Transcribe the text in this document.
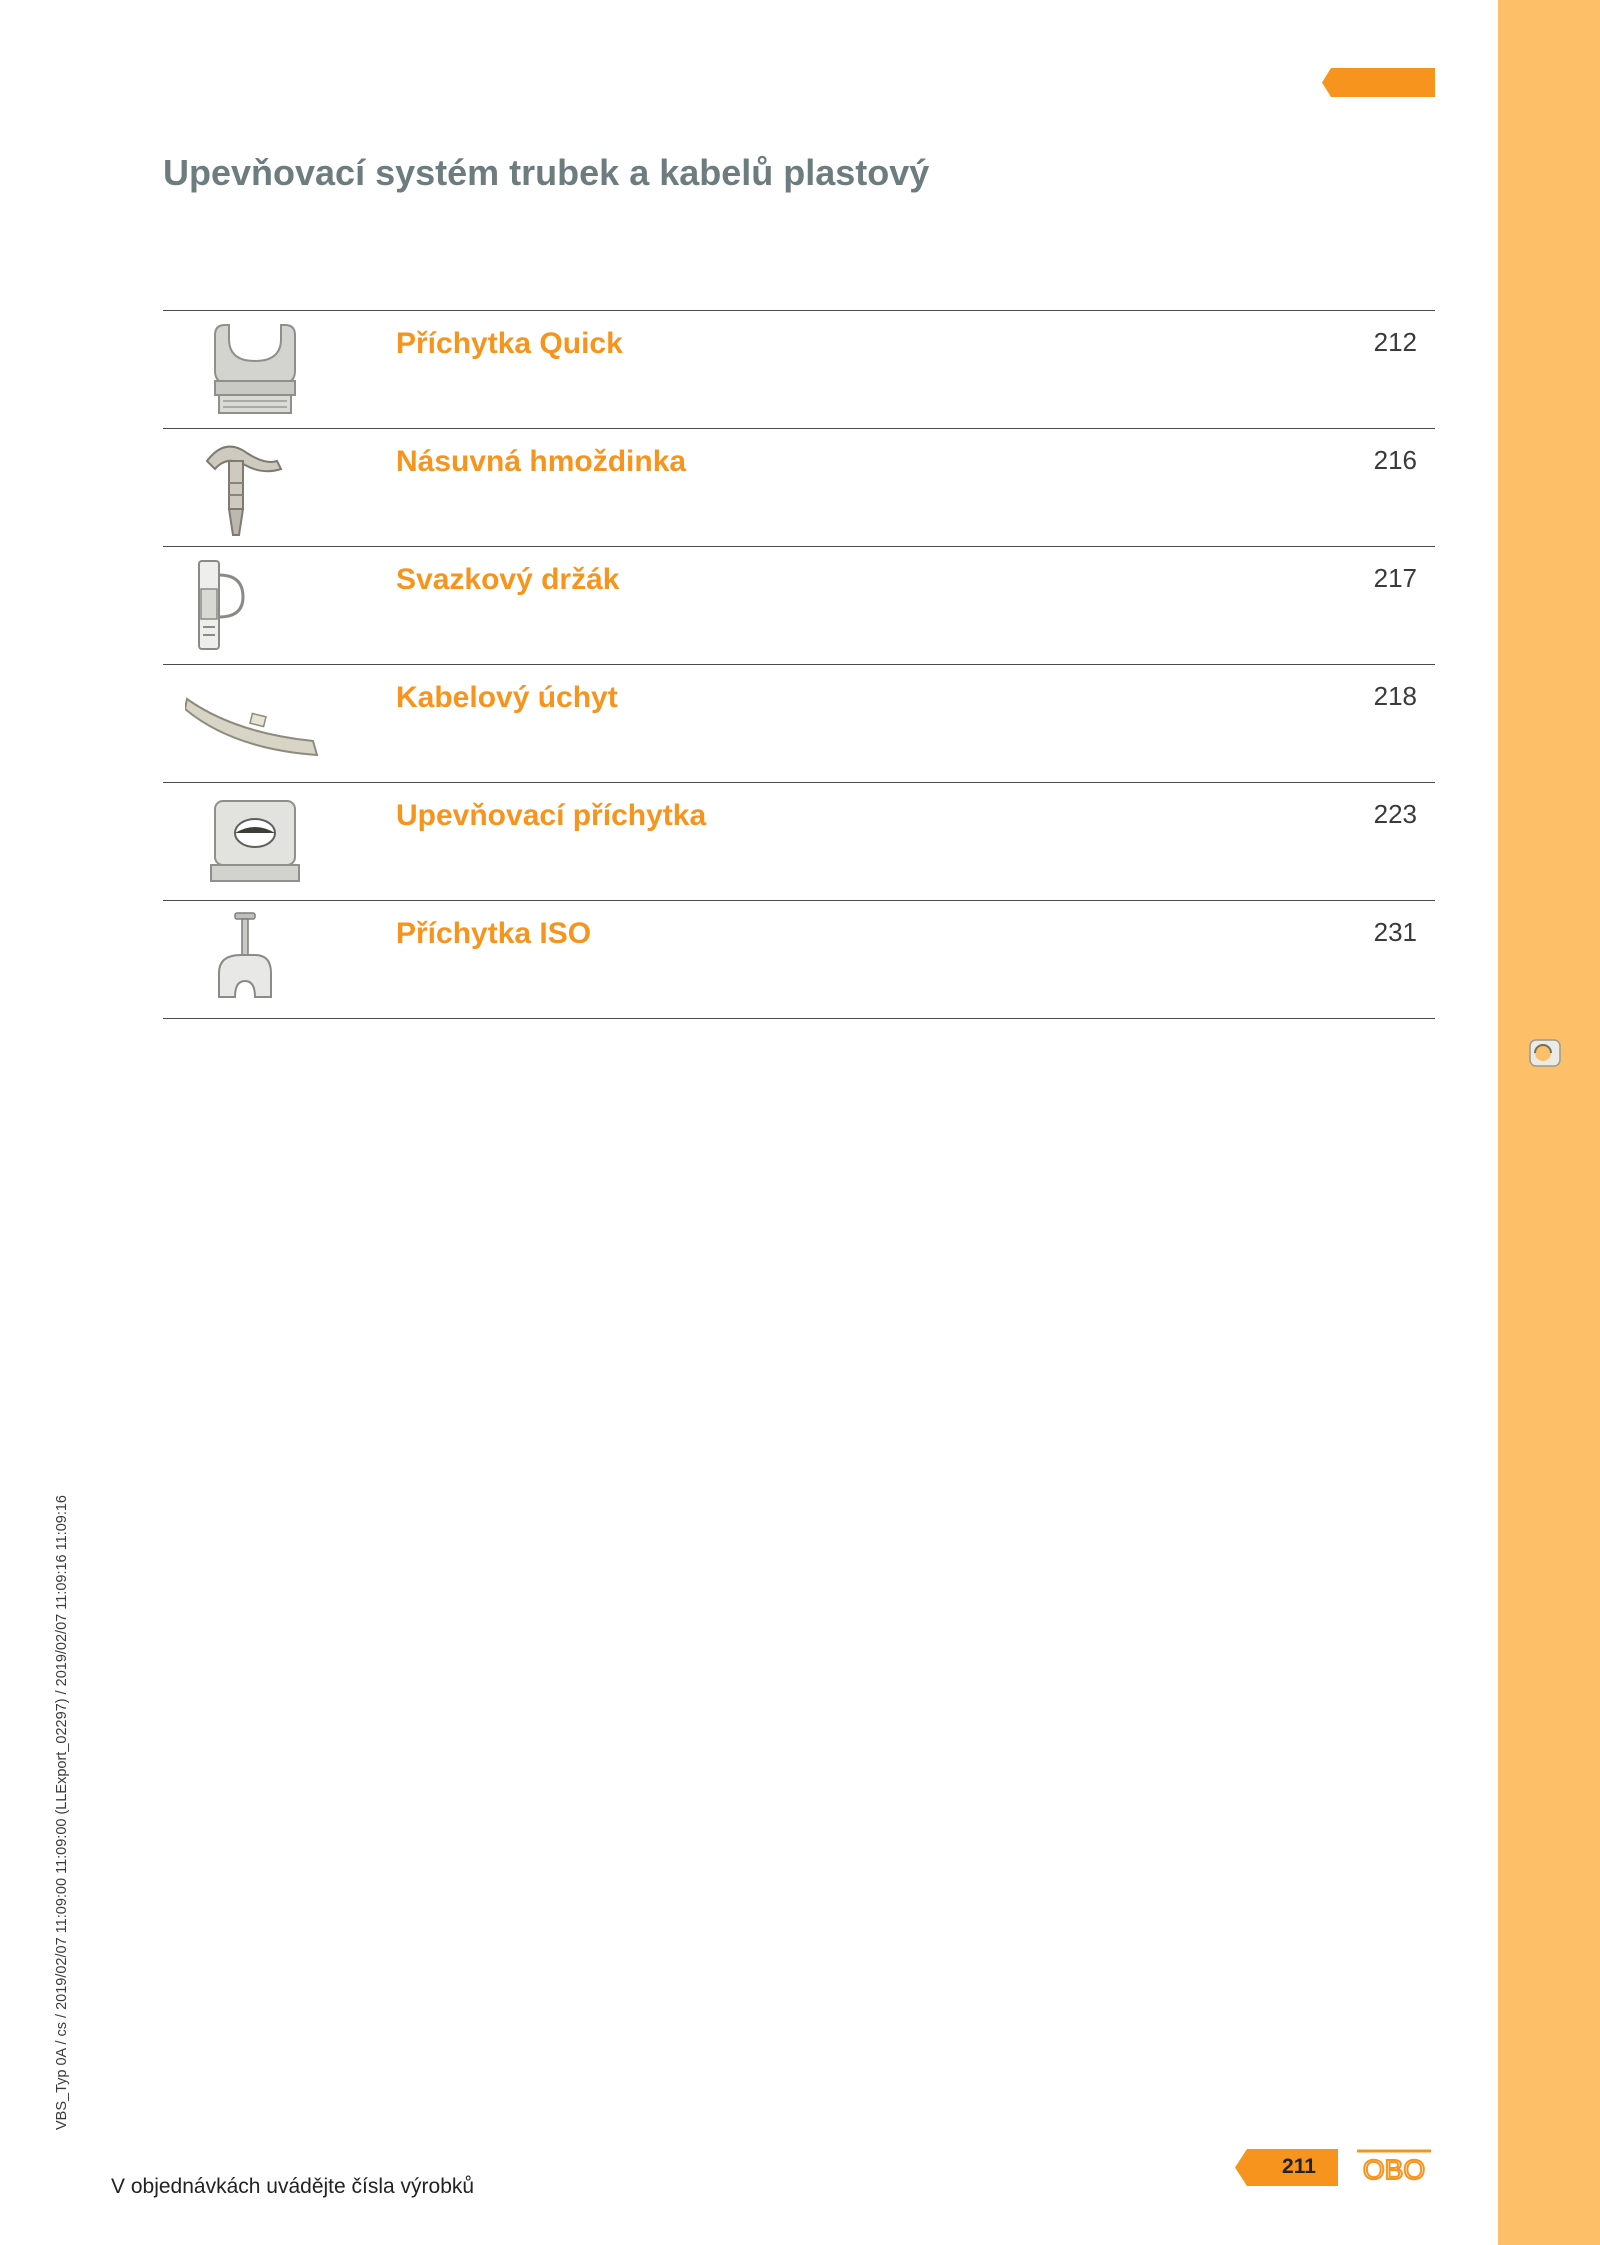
Upevňovací systém trubek a kabelů plastový
Příchytka Quick	212
Násuvná hmoždinka	216
Svazkový držák	217
Kabelový úchyt	218
Upevňovací příchytka	223
Příchytka ISO	231
VBS_Typ 0A / cs / 2019/02/07 11:09:00 11:09:00 (LLExport_02297) / 2019/02/07 11:09:16 11:09:16
V objednávkách uvádějte čísla výrobků
211	OBO
